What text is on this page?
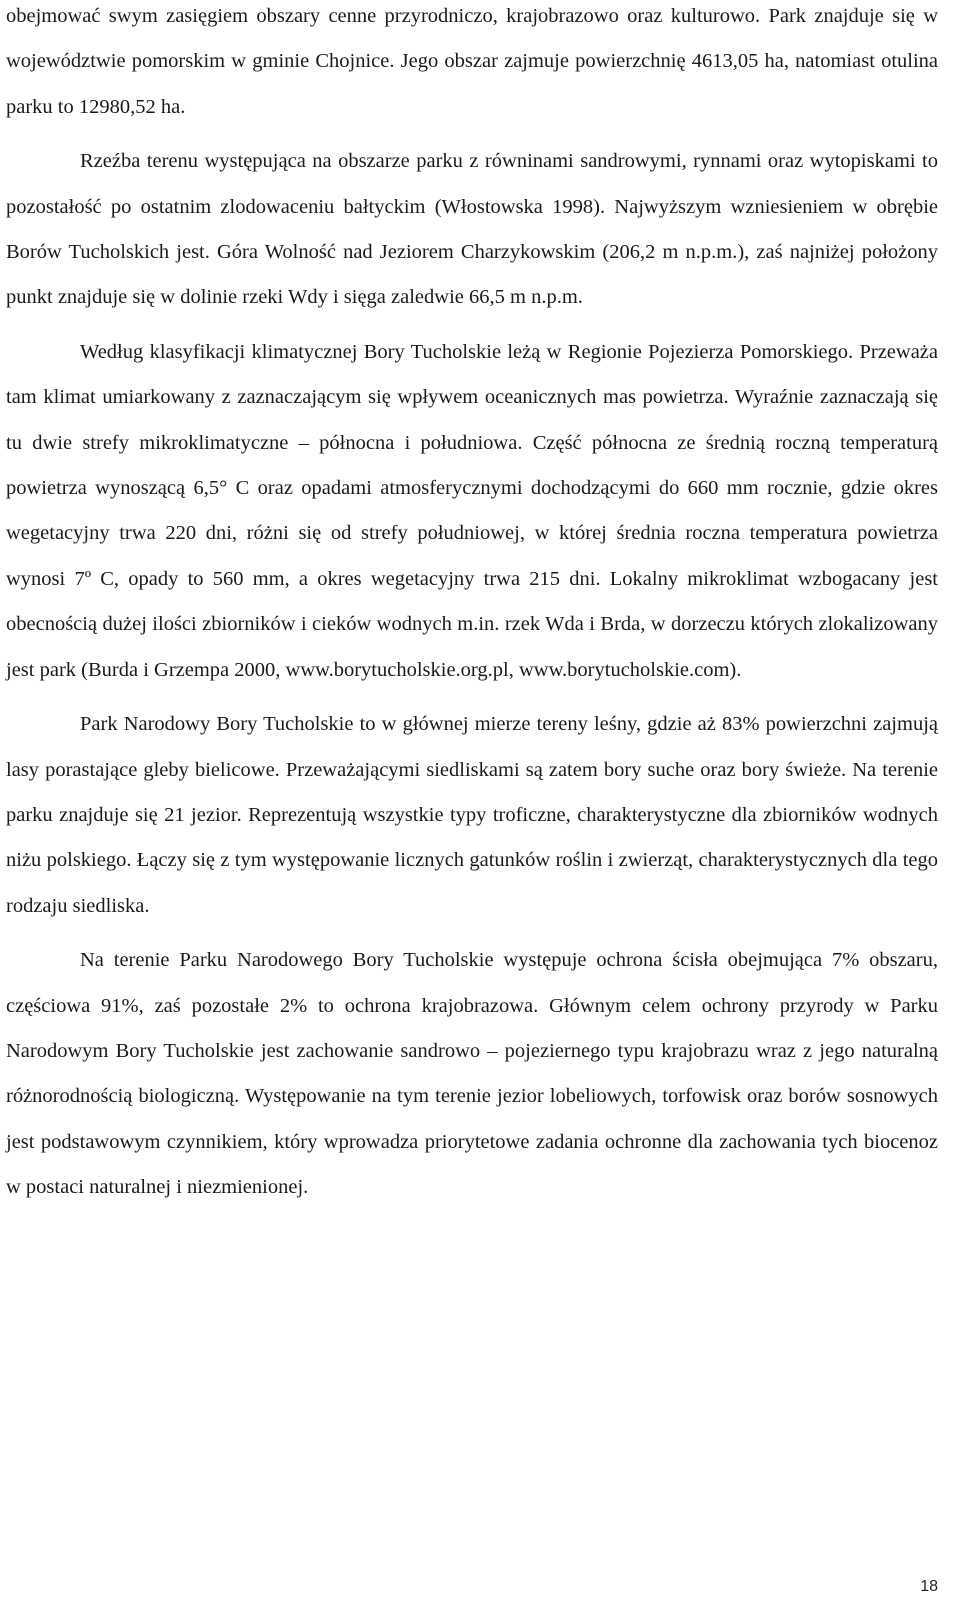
obejmować swym zasięgiem obszary cenne przyrodniczo, krajobrazowo oraz kulturowo. Park znajduje się w województwie pomorskim w gminie Chojnice. Jego obszar zajmuje powierzchnię 4613,05 ha, natomiast otulina parku to 12980,52 ha.

Rzeźba terenu występująca na obszarze parku z równinami sandrowymi, rynnami oraz wytopiskami to pozostałość po ostatnim zlodowaceniu bałtyckim (Włostowska 1998). Najwyższym wzniesieniem w obrębie Borów Tucholskich jest. Góra Wolność nad Jeziorem Charzykowskim (206,2 m n.p.m.), zaś najniżej położony punkt znajduje się w dolinie rzeki Wdy i sięga zaledwie 66,5 m n.p.m.

Według klasyfikacji klimatycznej Bory Tucholskie leżą w Regionie Pojezierza Pomorskiego. Przeważa tam klimat umiarkowany z zaznaczającym się wpływem oceanicznych mas powietrza. Wyraźnie zaznaczają się tu dwie strefy mikroklimatyczne – północna i południowa. Część północna ze średnią roczną temperaturą powietrza wynoszącą 6,5° C oraz opadami atmosferycznymi dochodzącymi do 660 mm rocznie, gdzie okres wegetacyjny trwa 220 dni, różni się od strefy południowej, w której średnia roczna temperatura powietrza wynosi 7º C, opady to 560 mm, a okres wegetacyjny trwa 215 dni. Lokalny mikroklimat wzbogacany jest obecnością dużej ilości zbiorników i cieków wodnych m.in. rzek Wda i Brda, w dorzeczu których zlokalizowany jest park (Burda i Grzempa 2000, www.borytucholskie.org.pl, www.borytucholskie.com).

Park Narodowy Bory Tucholskie to w głównej mierze tereny leśny, gdzie aż 83% powierzchni zajmują lasy porastające gleby bielicowe. Przeważającymi siedliskami są zatem bory suche oraz bory świeże. Na terenie parku znajduje się 21 jezior. Reprezentują wszystkie typy troficzne, charakterystyczne dla zbiorników wodnych niżu polskiego. Łączy się z tym występowanie licznych gatunków roślin i zwierząt, charakterystycznych dla tego rodzaju siedliska.

Na terenie Parku Narodowego Bory Tucholskie występuje ochrona ścisła obejmująca 7% obszaru, częściowa 91%, zaś pozostałe 2% to ochrona krajobrazowa. Głównym celem ochrony przyrody w Parku Narodowym Bory Tucholskie jest zachowanie sandrowo – pojeziernego typu krajobrazu wraz z jego naturalną różnorodnością biologiczną. Występowanie na tym terenie jezior lobeliowych, torfowisk oraz borów sosnowych jest podstawowym czynnikiem, który wprowadza priorytetowe zadania ochronne dla zachowania tych biocenoz w postaci naturalnej i niezmienionej.

18
